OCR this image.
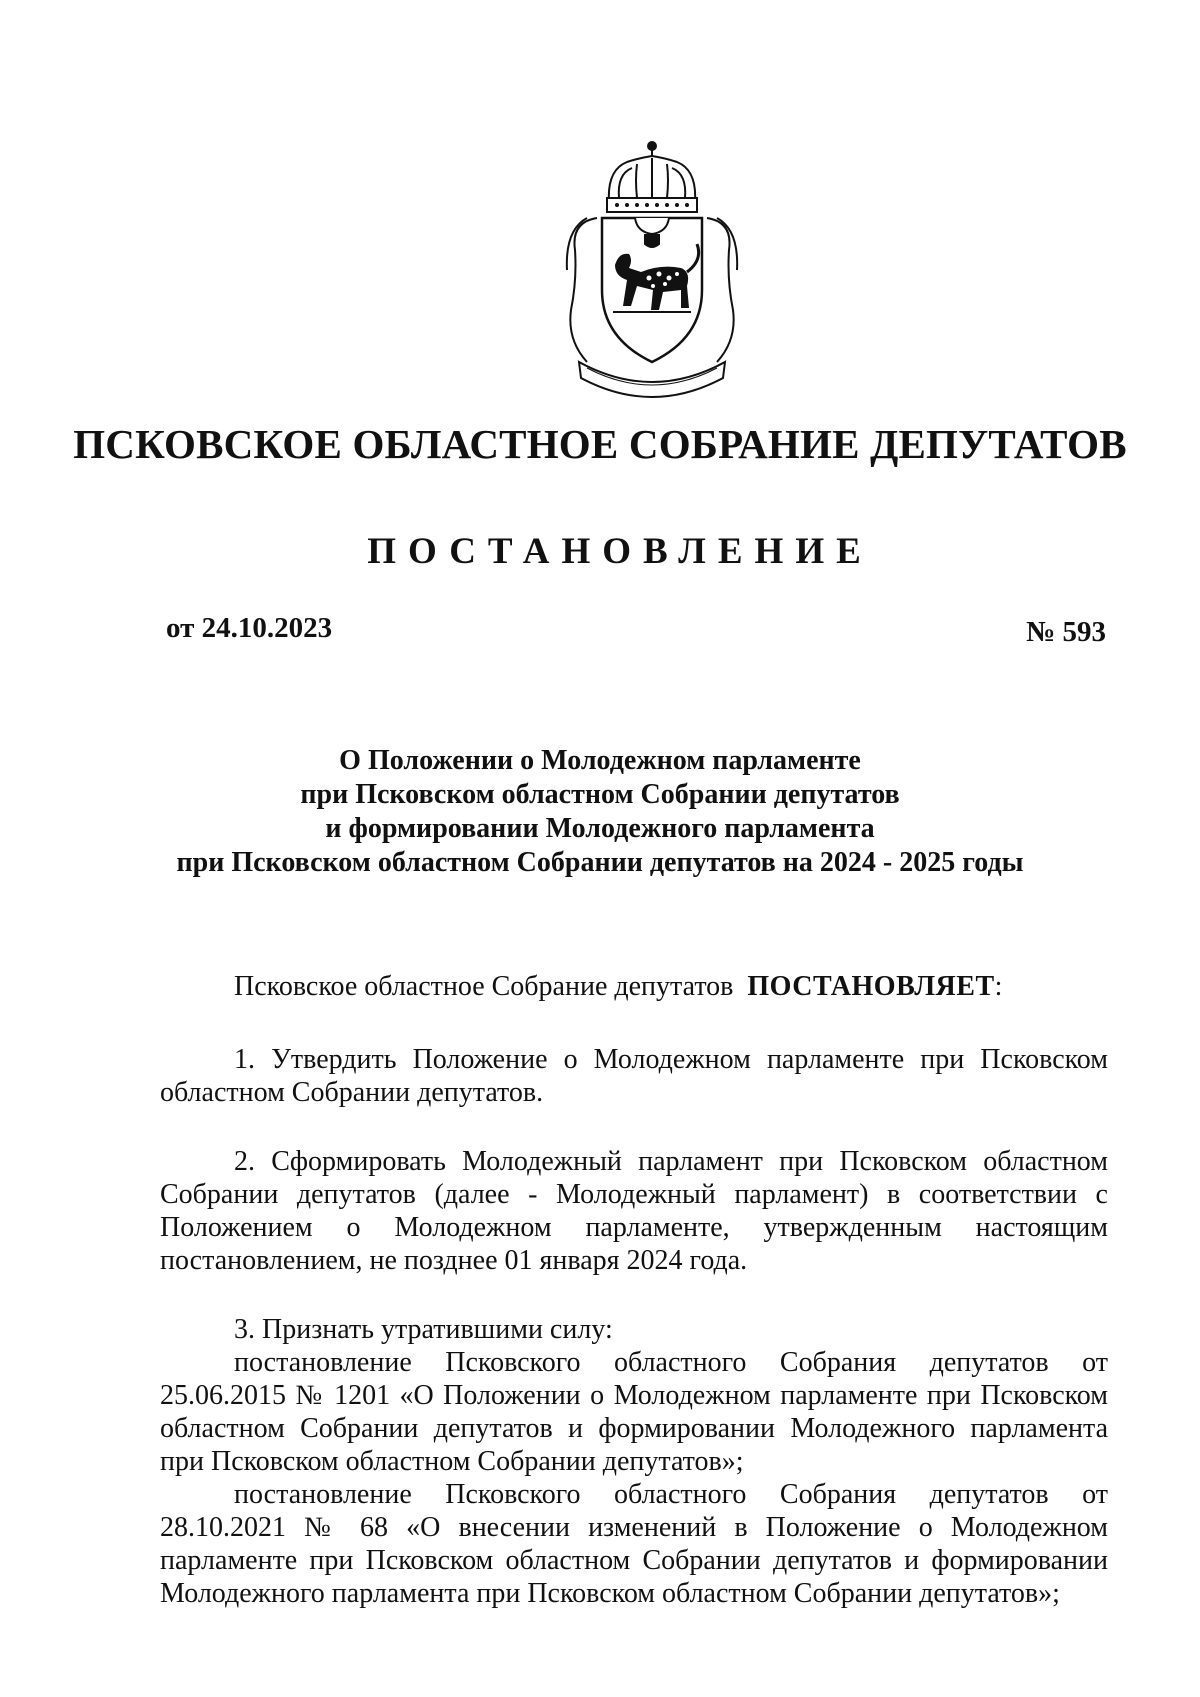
ПСКОВСКОЕ ОБЛАСТНОЕ СОБРАНИЕ ДЕПУТАТОВ
ПОСТАНОВЛЕНИЕ
от 24.10.2023	№ 593
О Положении о Молодежном парламенте
при Псковском областном Собрании депутатов
и формировании Молодежного парламента
при Псковском областном Собрании депутатов на 2024 - 2025 годы

Псковское областное Собрание депутатов ПОСТАНОВЛЯЕТ:

1. Утвердить Положение о Молодежном парламенте при Псковском областном Собрании депутатов.

2. Сформировать Молодежный парламент при Псковском областном Собрании депутатов (далее - Молодежный парламент) в соответствии с Положением о Молодежном парламенте, утвержденным настоящим постановлением, не позднее 01 января 2024 года.

3. Признать утратившими силу:

постановление Псковского областного Собрания депутатов от 25.06.2015 № 1201 «О Положении о Молодежном парламенте при Псковском областном Собрании депутатов и формировании Молодежного парламента при Псковском областном Собрании депутатов»;

постановление Псковского областного Собрания депутатов от 28.10.2021 № 68 «О внесении изменений в Положение о Молодежном парламенте при Псковском областном Собрании депутатов и формировании Молодежного парламента при Псковском областном Собрании депутатов»;
